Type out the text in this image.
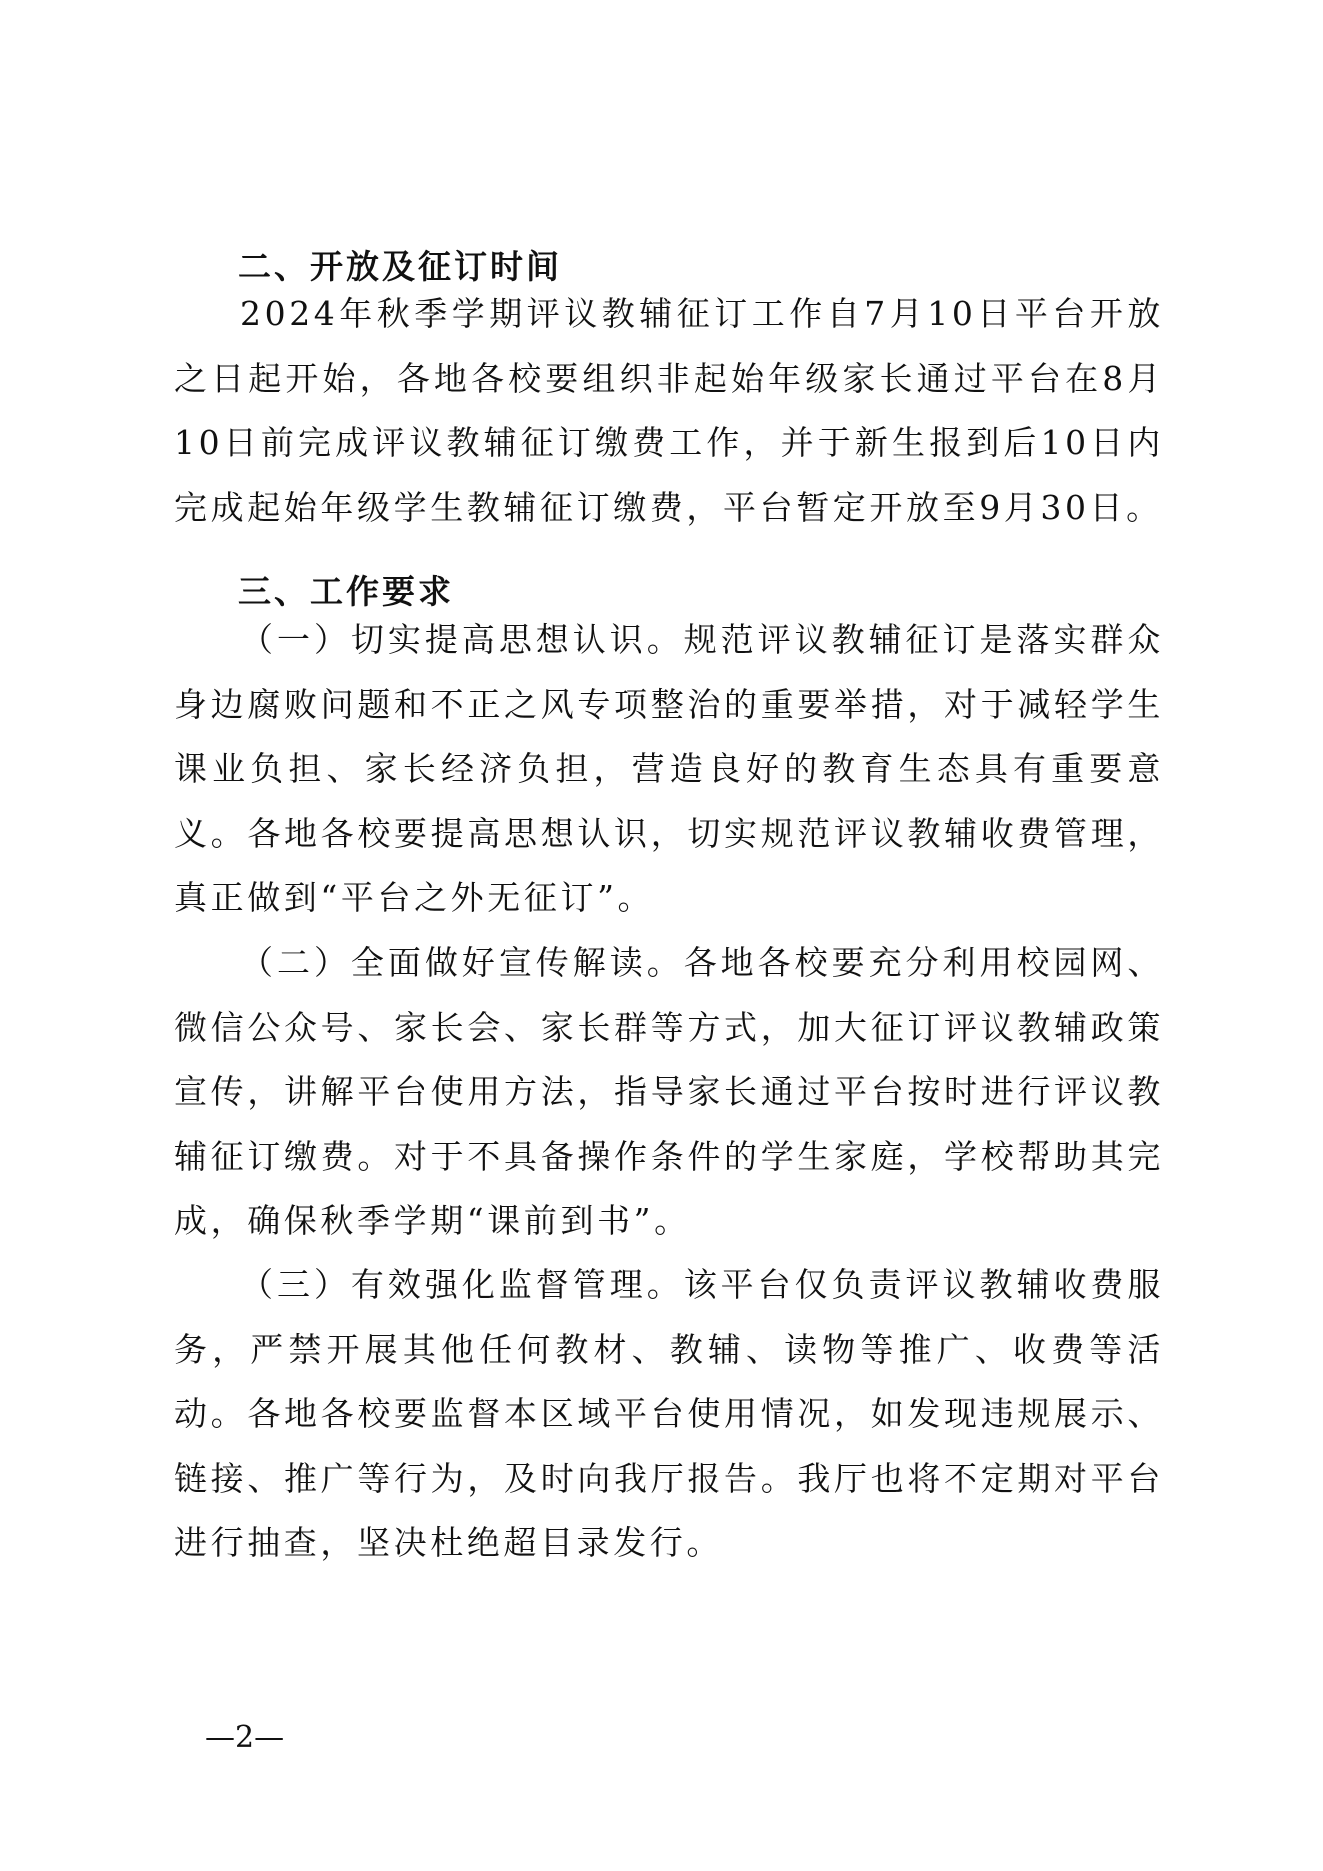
二、开放及征订时间

2024年秋季学期评议教辅征订工作自7月10日平台开放之日起开始，各地各校要组织非起始年级家长通过平台在8月10日前完成评议教辅征订缴费工作，并于新生报到后10日内完成起始年级学生教辅征订缴费，平台暂定开放至9月30日。

三、工作要求

（一）切实提高思想认识。规范评议教辅征订是落实群众身边腐败问题和不正之风专项整治的重要举措，对于减轻学生课业负担、家长经济负担，营造良好的教育生态具有重要意义。各地各校要提高思想认识，切实规范评议教辅收费管理，真正做到“平台之外无征订”。

（二）全面做好宣传解读。各地各校要充分利用校园网、微信公众号、家长会、家长群等方式，加大征订评议教辅政策宣传，讲解平台使用方法，指导家长通过平台按时进行评议教辅征订缴费。对于不具备操作条件的学生家庭，学校帮助其完成，确保秋季学期“课前到书”。

（三）有效强化监督管理。该平台仅负责评议教辅收费服务，严禁开展其他任何教材、教辅、读物等推广、收费等活动。各地各校要监督本区域平台使用情况，如发现违规展示、链接、推广等行为，及时向我厅报告。我厅也将不定期对平台进行抽查，坚决杜绝超目录发行。

—2—
